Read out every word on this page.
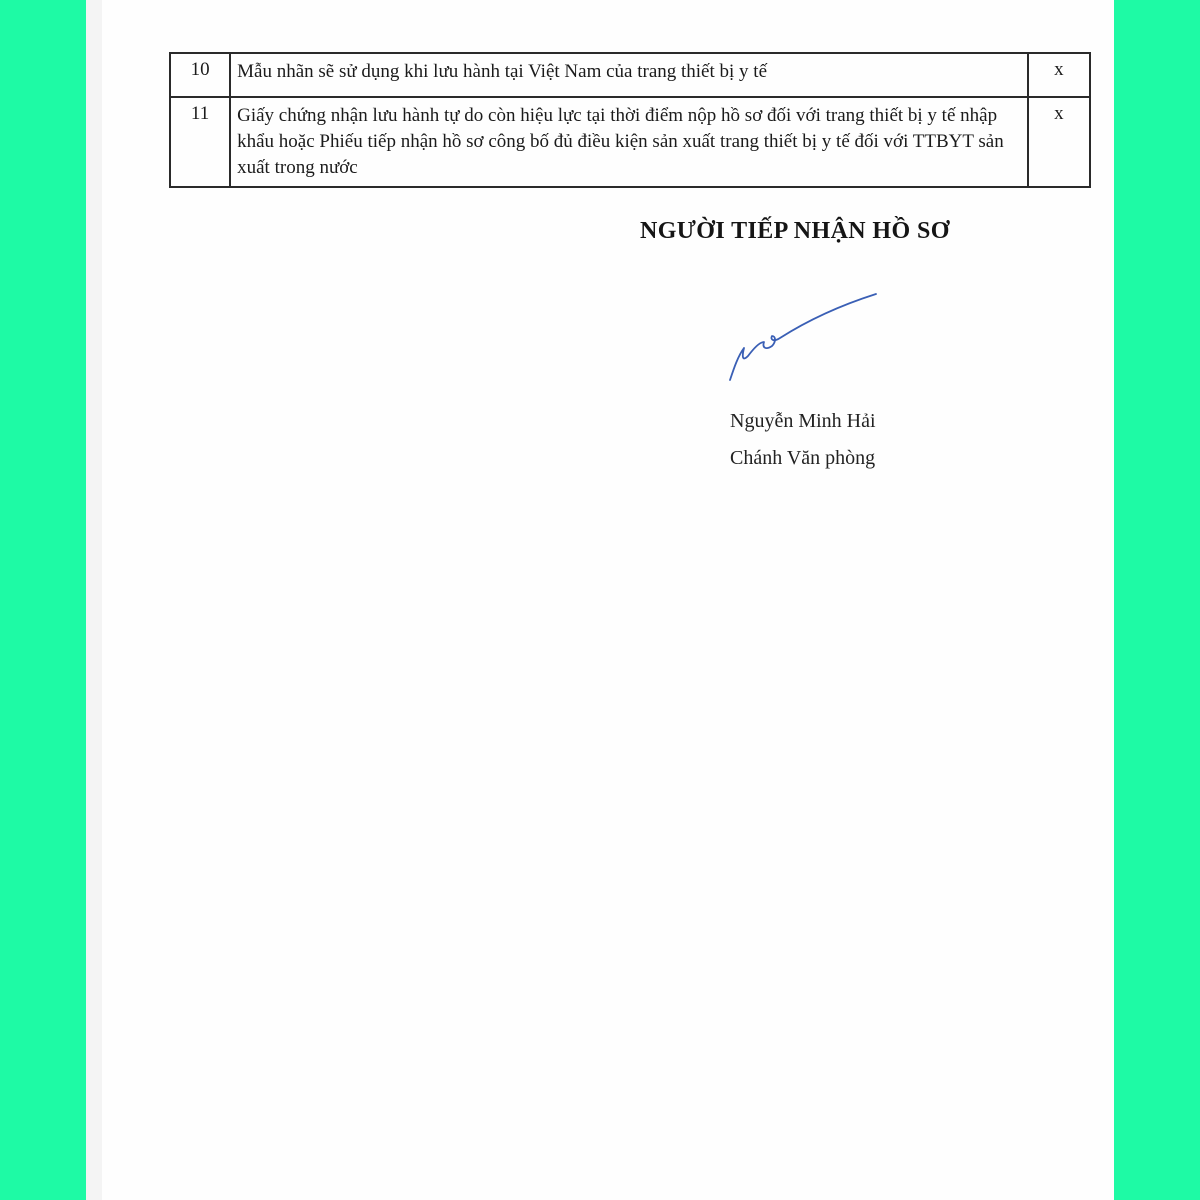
10	Mẫu nhãn sẽ sử dụng khi lưu hành tại Việt Nam của trang thiết bị y tế	x
11	Giấy chứng nhận lưu hành tự do còn hiệu lực tại thời điểm nộp hồ sơ đối với trang thiết bị y tế nhập khẩu hoặc Phiếu tiếp nhận hồ sơ công bố đủ điều kiện sản xuất trang thiết bị y tế đối với TTBYT sản xuất trong nước	x
NGƯỜI TIẾP NHẬN HỒ SƠ
Nguyễn Minh Hải
Chánh Văn phòng
